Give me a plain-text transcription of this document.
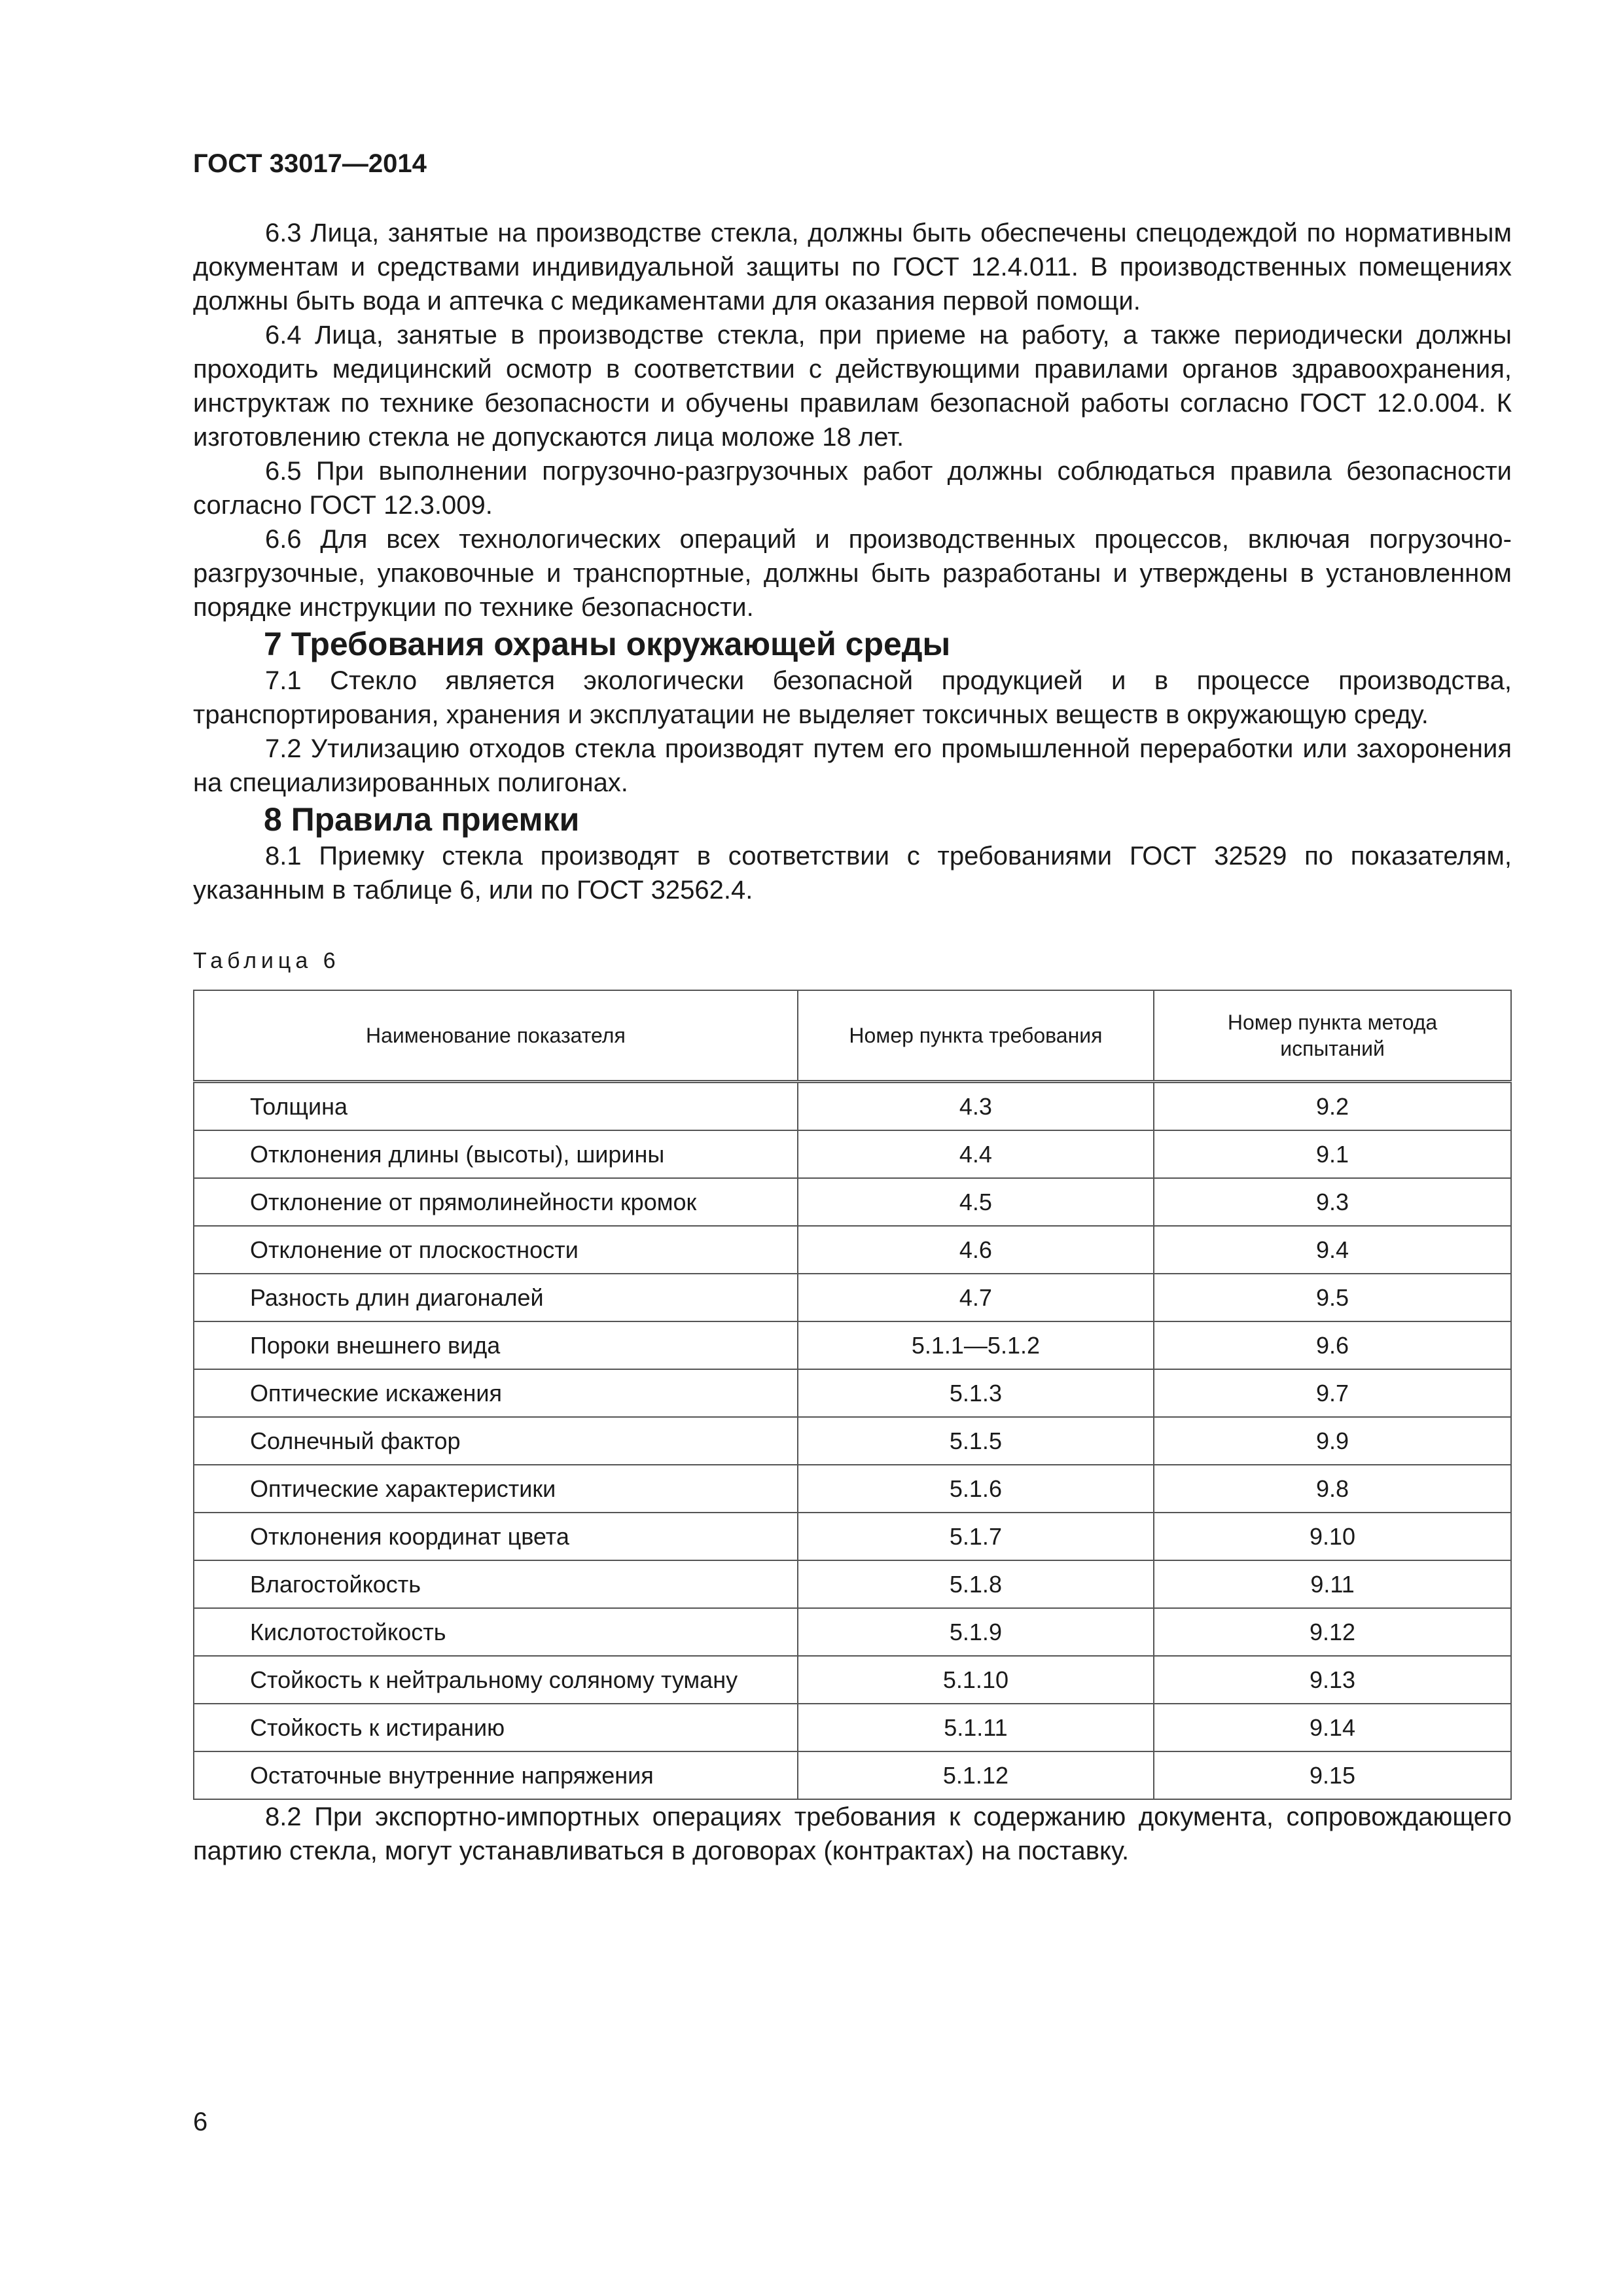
ГОСТ 33017—2014

6.3 Лица, занятые на производстве стекла, должны быть обеспечены спецодеждой по нормативным документам и средствами индивидуальной защиты по ГОСТ 12.4.011. В производственных помещениях должны быть вода и аптечка с медикаментами для оказания первой помощи.

6.4 Лица, занятые в производстве стекла, при приеме на работу, а также периодически должны проходить медицинский осмотр в соответствии с действующими правилами органов здравоохранения, инструктаж по технике безопасности и обучены правилам безопасной работы согласно ГОСТ 12.0.004. К изготовлению стекла не допускаются лица моложе 18 лет.

6.5 При выполнении погрузочно-разгрузочных работ должны соблюдаться правила безопасности согласно ГОСТ 12.3.009.

6.6 Для всех технологических операций и производственных процессов, включая погрузочно-разгрузочные, упаковочные и транспортные, должны быть разработаны и утверждены в установленном порядке инструкции по технике безопасности.

7 Требования охраны окружающей среды

7.1 Стекло является экологически безопасной продукцией и в процессе производства, транспортирования, хранения и эксплуатации не выделяет токсичных веществ в окружающую среду.

7.2 Утилизацию отходов стекла производят путем его промышленной переработки или захоронения на специализированных полигонах.

8 Правила приемки

8.1 Приемку стекла производят в соответствии с требованиями ГОСТ 32529 по показателям, указанным в таблице 6, или по ГОСТ 32562.4.

Таблица 6
Наименование показателя	Номер пункта требования	Номер пункта метода испытаний
Толщина	4.3	9.2
Отклонения длины (высоты), ширины	4.4	9.1
Отклонение от прямолинейности кромок	4.5	9.3
Отклонение от плоскостности	4.6	9.4
Разность длин диагоналей	4.7	9.5
Пороки внешнего вида	5.1.1—5.1.2	9.6
Оптические искажения	5.1.3	9.7
Солнечный фактор	5.1.5	9.9
Оптические характеристики	5.1.6	9.8
Отклонения координат цвета	5.1.7	9.10
Влагостойкость	5.1.8	9.11
Кислотостойкость	5.1.9	9.12
Стойкость к нейтральному соляному туману	5.1.10	9.13
Стойкость к истиранию	5.1.11	9.14
Остаточные внутренние напряжения	5.1.12	9.15

8.2 При экспортно-импортных операциях требования к содержанию документа, сопровождающего партию стекла, могут устанавливаться в договорах (контрактах) на поставку.

6
